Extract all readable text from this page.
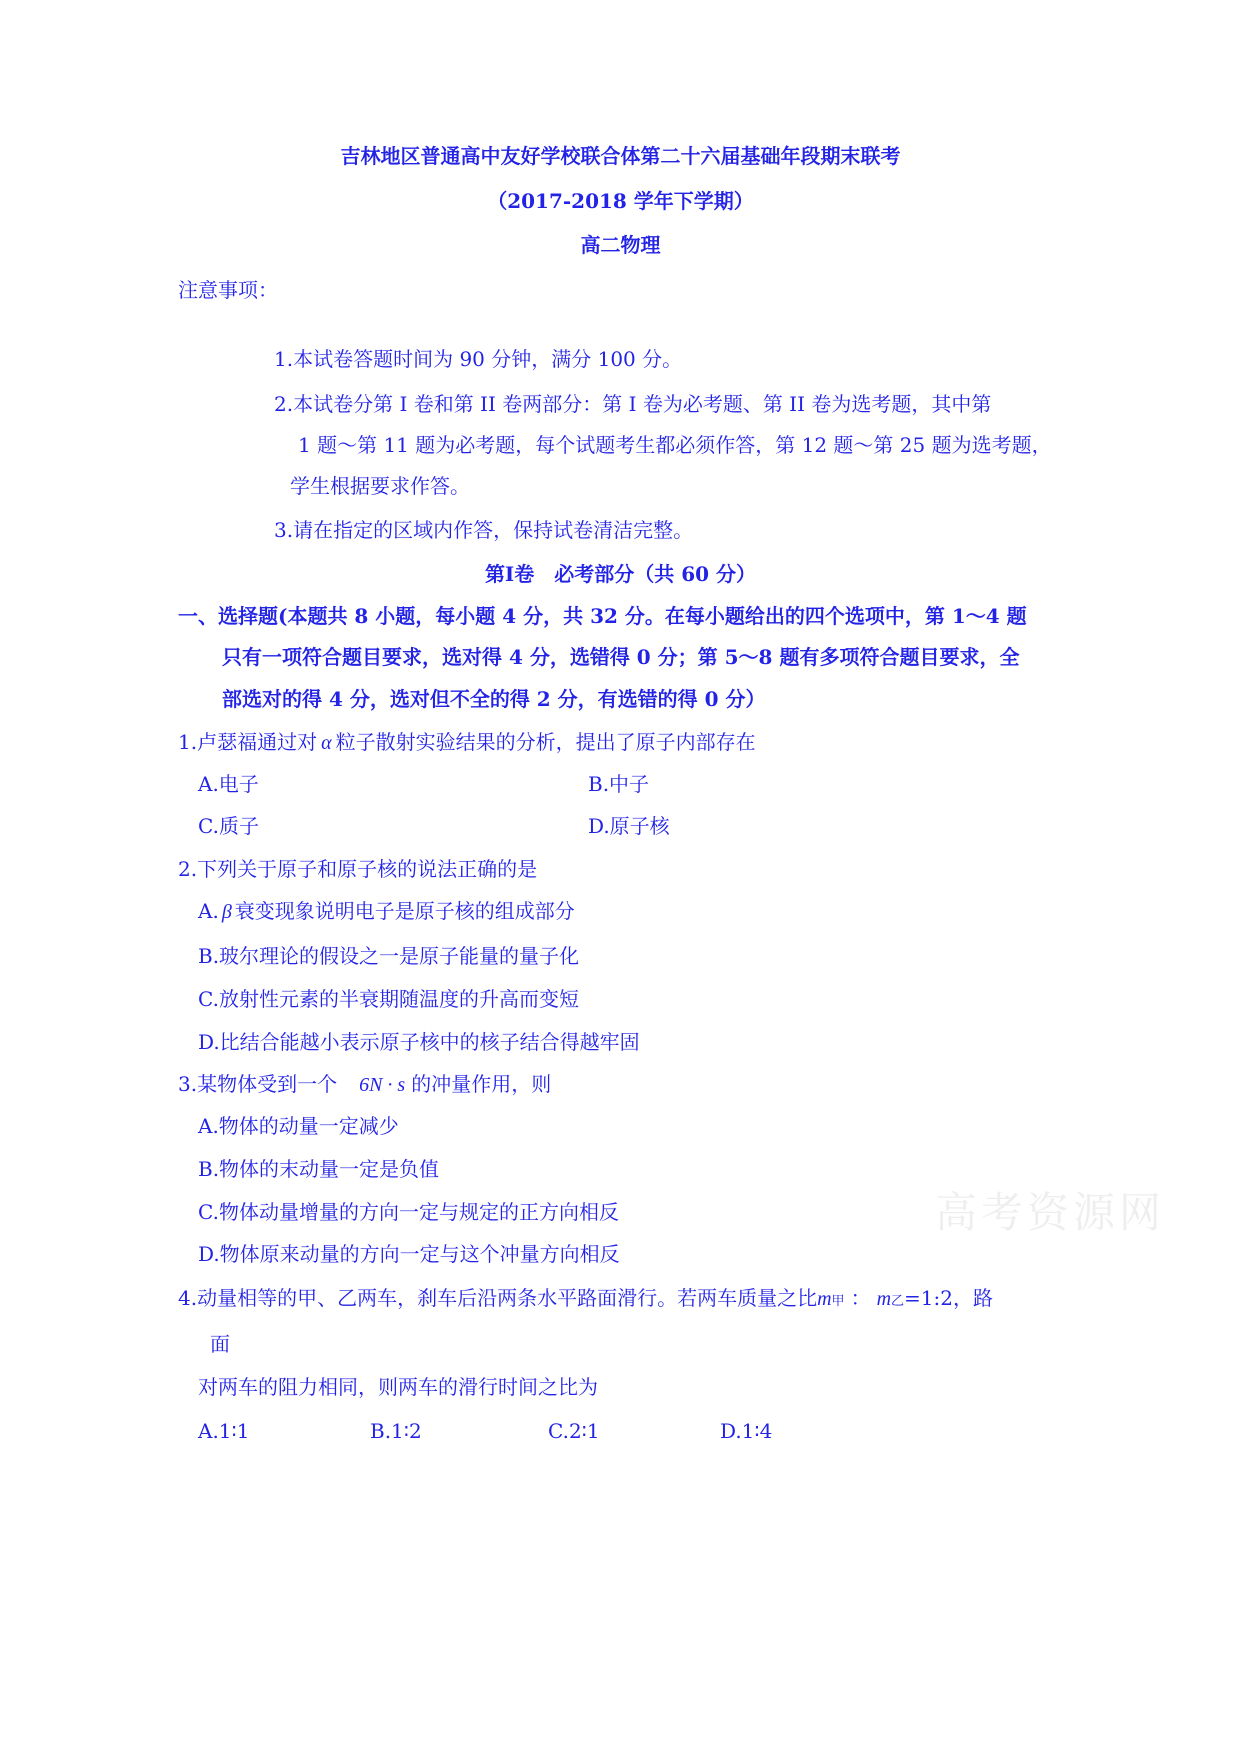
吉林地区普通高中友好学校联合体第二十六届基础年段期末联考
（2017-2018 学年下学期）
高二物理
注意事项：
1.本试卷答题时间为 90 分钟，满分 100 分。
2.本试卷分第 I 卷和第 II 卷两部分：第 I 卷为必考题、第 II 卷为选考题，其中第
1 题～第 11 题为必考题，每个试题考生都必须作答，第 12 题～第 25 题为选考题，
学生根据要求作答。
3.请在指定的区域内作答，保持试卷清洁完整。
第Ⅰ卷　必考部分（共 60 分）
一、选择题(本题共 8 小题，每小题 4 分，共 32 分。在每小题给出的四个选项中，第 1～4 题
只有一项符合题目要求，选对得 4 分，选错得 0 分；第 5～8 题有多项符合题目要求，全
部选对的得 4 分，选对但不全的得 2 分，有选错的得 0 分）
1.卢瑟福通过对 α 粒子散射实验结果的分析，提出了原子内部存在
A.电子	B.中子
C.质子	D.原子核
2.下列关于原子和原子核的说法正确的是
A. β 衰变现象说明电子是原子核的组成部分
B.玻尔理论的假设之一是原子能量的量子化
C.放射性元素的半衰期随温度的升高而变短
D.比结合能越小表示原子核中的核子结合得越牢固
3.某物体受到一个 6N · s 的冲量作用，则
A.物体的动量一定减少
B.物体的末动量一定是负值
C.物体动量增量的方向一定与规定的正方向相反
D.物体原来动量的方向一定与这个冲量方向相反
4.动量相等的甲、乙两车，刹车后沿两条水平路面滑行。若两车质量之比m甲 ： m乙=1:2，路
面
对两车的阻力相同，则两车的滑行时间之比为
A.1∶1	B.1∶2	C.2∶1	D.1∶4
高考资源网
